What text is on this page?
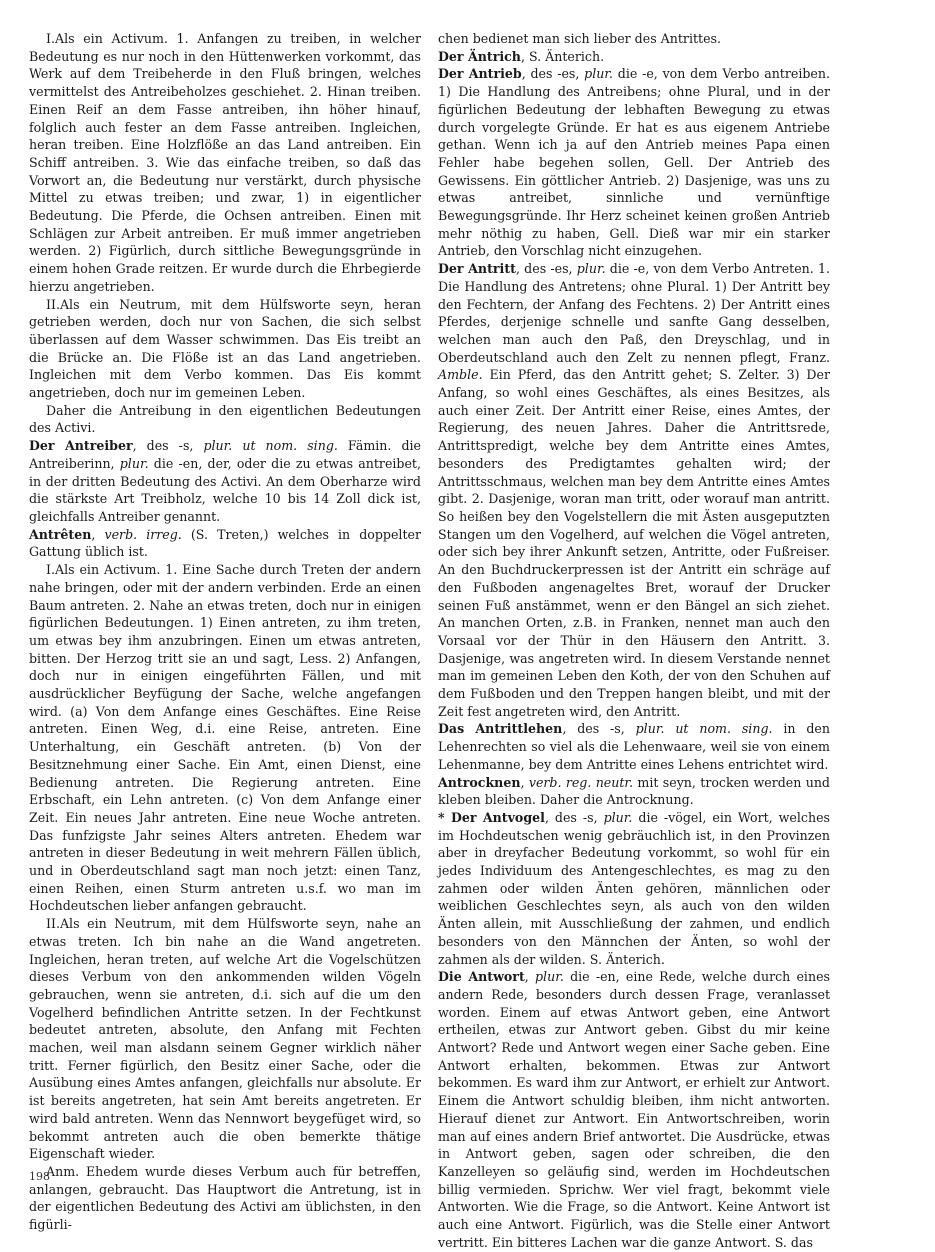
I.Als ein Activum. 1. Anfangen zu treiben, in welcher Bedeutung es nur noch in den Hüttenwerken vorkommt, das Werk auf dem Treibeherde in den Fluß bringen, welches vermittelst des Antreibeholzes geschiehet. 2. Hinan treiben. Einen Reif an dem Fasse antreiben, ihn höher hinauf, folglich auch fester an dem Fasse antreiben. Ingleichen, heran treiben. Eine Holzflöße an das Land antreiben. Ein Schiff antreiben. 3. Wie das einfache treiben, so daß das Vorwort an, die Bedeutung nur verstärkt, durch physische Mittel zu etwas treiben; und zwar, 1) in eigentlicher Bedeutung. Die Pferde, die Ochsen antreiben. Einen mit Schlägen zur Arbeit antreiben. Er muß immer angetrieben werden. 2) Figürlich, durch sittliche Bewegungsgründe in einem hohen Grade reitzen. Er wurde durch die Ehrbegierde hierzu angetrieben.

II.Als ein Neutrum, mit dem Hülfsworte seyn, heran getrieben werden, doch nur von Sachen, die sich selbst überlassen auf dem Wasser schwimmen. Das Eis treibt an die Brücke an. Die Flöße ist an das Land angetrieben. Ingleichen mit dem Verbo kommen. Das Eis kommt angetrieben, doch nur im gemeinen Leben.

Daher die Antreibung in den eigentlichen Bedeutungen des Activi.

Der Antreiber, des -s, plur. ut nom. sing. Fämin. die Antreiberinn, plur. die -en, der, oder die zu etwas antreibet, in der dritten Bedeutung des Activi. An dem Oberharze wird die stärkste Art Treibholz, welche 10 bis 14 Zoll dick ist, gleichfalls Antreiber genannt.

Antrêten, verb. irreg. (S. Treten,) welches in doppelter Gattung üblich ist.

I.Als ein Activum. 1. Eine Sache durch Treten der andern nahe bringen, oder mit der andern verbinden. Erde an einen Baum antreten. 2. Nahe an etwas treten, doch nur in einigen figürlichen Bedeutungen. 1) Einen antreten, zu ihm treten, um etwas bey ihm anzubringen. Einen um etwas antreten, bitten. Der Herzog tritt sie an und sagt, Less. 2) Anfangen, doch nur in einigen eingeführten Fällen, und mit ausdrücklicher Beyfügung der Sache, welche angefangen wird. (a) Von dem Anfange eines Geschäftes. Eine Reise antreten. Einen Weg, d.i. eine Reise, antreten. Eine Unterhaltung, ein Geschäft antreten. (b) Von der Besitznehmung einer Sache. Ein Amt, einen Dienst, eine Bedienung antreten. Die Regierung antreten. Eine Erbschaft, ein Lehn antreten. (c) Von dem Anfange einer Zeit. Ein neues Jahr antreten. Eine neue Woche antreten. Das funfzigste Jahr seines Alters antreten. Ehedem war antreten in dieser Bedeutung in weit mehrern Fällen üblich, und in Oberdeutschland sagt man noch jetzt: einen Tanz, einen Reihen, einen Sturm antreten u.s.f. wo man im Hochdeutschen lieber anfangen gebraucht.

II.Als ein Neutrum, mit dem Hülfsworte seyn, nahe an etwas treten. Ich bin nahe an die Wand angetreten. Ingleichen, heran treten, auf welche Art die Vogelschützen dieses Verbum von den ankommenden wilden Vögeln gebrauchen, wenn sie antreten, d.i. sich auf die um den Vogelherd befindlichen Antritte setzen. In der Fechtkunst bedeutet antreten, absolute, den Anfang mit Fechten machen, weil man alsdann seinem Gegner wirklich näher tritt. Ferner figürlich, den Besitz einer Sache, oder die Ausübung eines Amtes anfangen, gleichfalls nur absolute. Er ist bereits angetreten, hat sein Amt bereits angetreten. Er wird bald antreten. Wenn das Nennwort beygefüget wird, so bekommt antreten auch die oben bemerkte thätige Eigenschaft wieder.

Anm. Ehedem wurde dieses Verbum auch für betreffen, anlangen, gebraucht. Das Hauptwort die Antretung, ist in der eigentlichen Bedeutung des Activi am üblichsten, in den figürli-

chen bedienet man sich lieber des Antrittes.

Der Äntrich, S. Änterich.

Der Antrieb, des -es, plur. die -e, von dem Verbo antreiben. 1) Die Handlung des Antreibens; ohne Plural, und in der figürlichen Bedeutung der lebhaften Bewegung zu etwas durch vorgelegte Gründe. Er hat es aus eigenem Antriebe gethan. Wenn ich ja auf den Antrieb meines Papa einen Fehler habe begehen sollen, Gell. Der Antrieb des Gewissens. Ein göttlicher Antrieb. 2) Dasjenige, was uns zu etwas antreibet, sinnliche und vernünftige Bewegungsgründe. Ihr Herz scheinet keinen großen Antrieb mehr nöthig zu haben, Gell. Dieß war mir ein starker Antrieb, den Vorschlag nicht einzugehen.

Der Antritt, des -es, plur. die -e, von dem Verbo Antreten. 1. Die Handlung des Antretens; ohne Plural. 1) Der Antritt bey den Fechtern, der Anfang des Fechtens. 2) Der Antritt eines Pferdes, derjenige schnelle und sanfte Gang desselben, welchen man auch den Paß, den Dreyschlag, und in Oberdeutschland auch den Zelt zu nennen pflegt, Franz. Amble. Ein Pferd, das den Antritt gehet; S. Zelter. 3) Der Anfang, so wohl eines Geschäftes, als eines Besitzes, als auch einer Zeit. Der Antritt einer Reise, eines Amtes, der Regierung, des neuen Jahres. Daher die Antrittsrede, Antrittspredigt, welche bey dem Antritte eines Amtes, besonders des Predigtamtes gehalten wird; der Antrittsschmaus, welchen man bey dem Antritte eines Amtes gibt. 2. Dasjenige, woran man tritt, oder worauf man antritt. So heißen bey den Vogelstellern die mit Ästen ausgeputzten Stangen um den Vogelherd, auf welchen die Vögel antreten, oder sich bey ihrer Ankunft setzen, Antritte, oder Fußreiser. An den Buchdruckerpressen ist der Antritt ein schräge auf den Fußboden angenageltes Bret, worauf der Drucker seinen Fuß anstämmet, wenn er den Bängel an sich ziehet. An manchen Orten, z.B. in Franken, nennet man auch den Vorsaal vor der Thür in den Häusern den Antritt. 3. Dasjenige, was angetreten wird. In diesem Verstande nennet man im gemeinen Leben den Koth, der von den Schuhen auf dem Fußboden und den Treppen hangen bleibt, und mit der Zeit fest angetreten wird, den Antritt.

Das Antrittlehen, des -s, plur. ut nom. sing. in den Lehenrechten so viel als die Lehenwaare, weil sie von einem Lehenmanne, bey dem Antritte eines Lehens entrichtet wird.

Antrocknen, verb. reg. neutr. mit seyn, trocken werden und kleben bleiben. Daher die Antrocknung.

* Der Antvogel, des -s, plur. die -vögel, ein Wort, welches im Hochdeutschen wenig gebräuchlich ist, in den Provinzen aber in dreyfacher Bedeutung vorkommt, so wohl für ein jedes Individuum des Antengeschlechtes, es mag zu den zahmen oder wilden Änten gehören, männlichen oder weiblichen Geschlechtes seyn, als auch von den wilden Änten allein, mit Ausschließung der zahmen, und endlich besonders von den Männchen der Änten, so wohl der zahmen als der wilden. S. Änterich.

Die Antwort, plur. die -en, eine Rede, welche durch eines andern Rede, besonders durch dessen Frage, veranlasset worden. Einem auf etwas Antwort geben, eine Antwort ertheilen, etwas zur Antwort geben. Gibst du mir keine Antwort? Rede und Antwort wegen einer Sache geben. Eine Antwort erhalten, bekommen. Etwas zur Antwort bekommen. Es ward ihm zur Antwort, er erhielt zur Antwort. Einem die Antwort schuldig bleiben, ihm nicht antworten. Hierauf dienet zur Antwort. Ein Antwortschreiben, worin man auf eines andern Brief antwortet. Die Ausdrücke, etwas in Antwort geben, sagen oder schreiben, die den Kanzelleyen so geläufig sind, werden im Hochdeutschen billig vermieden. Sprichw. Wer viel fragt, bekommt viele Antworten. Wie die Frage, so die Antwort. Keine Antwort ist auch eine Antwort. Figürlich, was die Stelle einer Antwort vertritt. Ein bitteres Lachen war die ganze Antwort. S. das

198
